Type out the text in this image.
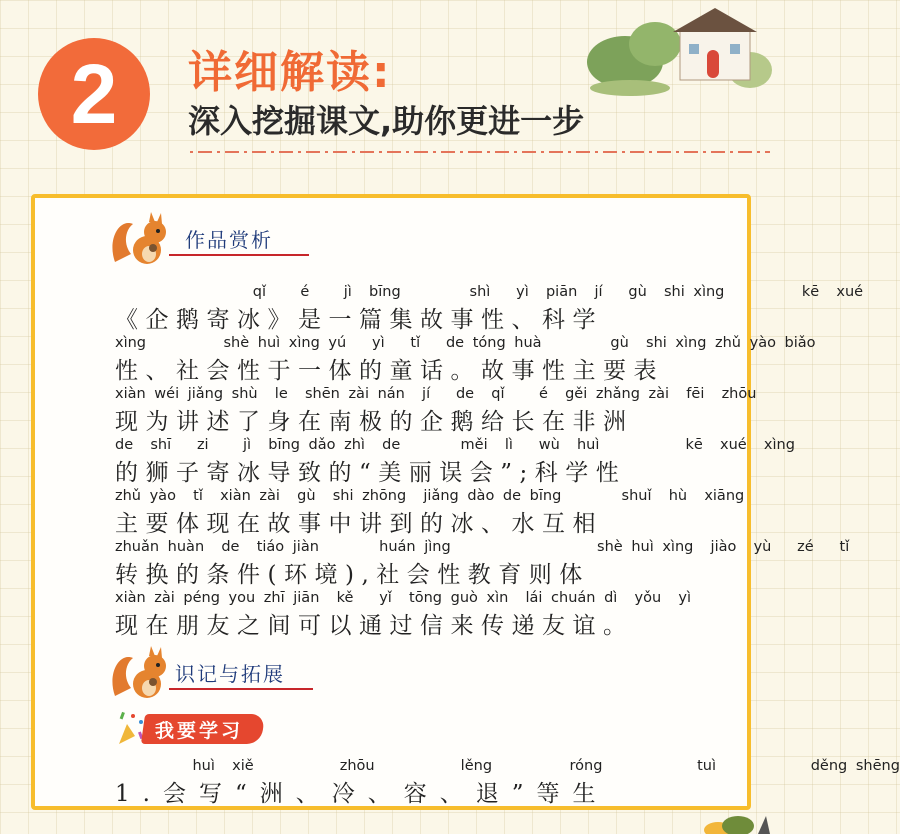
2	详细解读:
深入挖掘课文,助你更进一步
作品赏析
qǐ    é    jì  bīng        shì   yì  piān  jí   gù  shi xìng         kē  xué
《企鹅寄冰》是一篇集故事性、科学
xìng         shè huì xìng yú   yì   tǐ   de tóng huà        gù  shi xìng zhǔ yào biǎo
性、社会性于一体的童话。故事性主要表
xiàn wéi jiǎng shù  le  shēn zài nán  jí   de  qǐ    é  gěi zhǎng zài  fēi  zhōu
现为讲述了身在南极的企鹅给长在非洲
de  shī   zi    jì  bīng dǎo zhì  de       měi  lì   wù  huì          kē  xué  xìng
的狮子寄冰导致的“美丽误会”;科学性
zhǔ yào  tǐ  xiàn zài  gù  shi zhōng  jiǎng dào de bīng       shuǐ  hù  xiāng
主要体现在故事中讲到的冰、水互相
zhuǎn huàn  de  tiáo jiàn       huán jìng                 shè huì xìng  jiào  yù   zé   tǐ
转换的条件(环境),社会性教育则体
xiàn zài péng you zhī jiān  kě   yǐ  tōng guò xìn  lái chuán dì  yǒu  yì
现在朋友之间可以通过信来传递友谊。
识记与拓展
我要学习
huì  xiě          zhōu          lěng         róng           tuì           děng shēng
1.会写“洲、冷、容、退”等生
